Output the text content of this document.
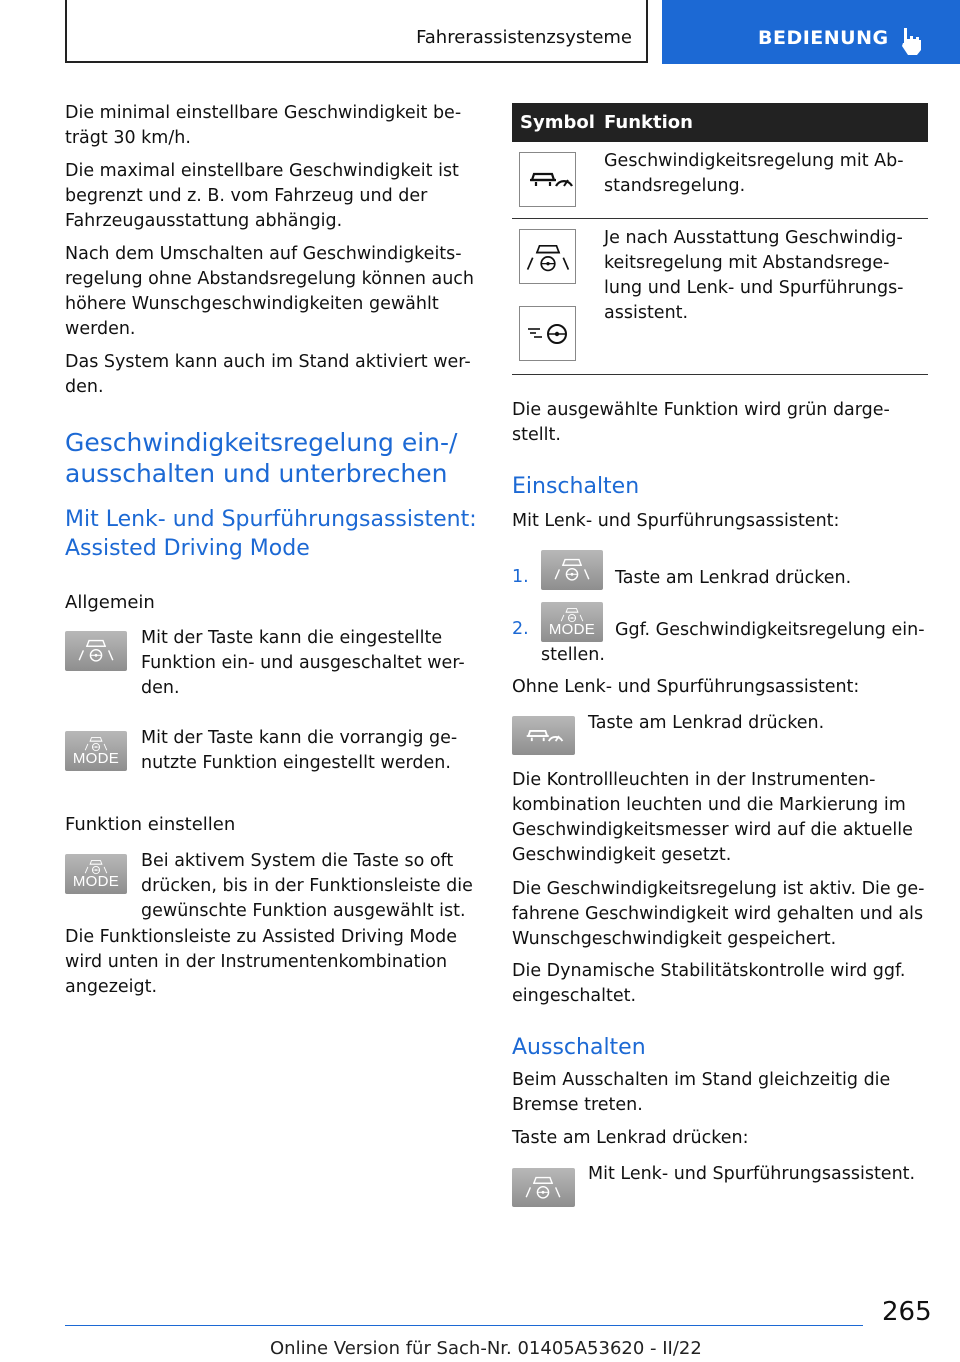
Fahrerassistenzsysteme	BEDIENUNG

Die minimal einstellbare Geschwindigkeit be-trägt 30 km/h.

Die maximal einstellbare Geschwindigkeit ist begrenzt und z. B. vom Fahrzeug und der Fahrzeugausstattung abhängig.

Nach dem Umschalten auf Geschwindigkeits-regelung ohne Abstandsregelung können auch höhere Wunschgeschwindigkeiten gewählt werden.

Das System kann auch im Stand aktiviert wer-den.

Geschwindigkeitsregelung ein-/ ausschalten und unterbrechen
Mit Lenk- und Spurführungsassistent: Assisted Driving Mode
Allgemein

Mit der Taste kann die eingestellte Funktion ein- und ausgeschaltet wer-den.

MODE

Mit der Taste kann die vorrangig ge-nutzte Funktion eingestellt werden.

Funktion einstellen
MODE

Bei aktivem System die Taste so oft drücken, bis in der Funktionsleiste die gewünschte Funktion ausgewählt ist.

Die Funktionsleiste zu Assisted Driving Mode wird unten in der Instrumentenkombination angezeigt.

Symbol Funktion

Geschwindigkeitsregelung mit Ab-standsregelung.

Je nach Ausstattung Geschwindig-keitsregelung mit Abstandsrege-lung und Lenk- und Spurführungs-assistent.

Die ausgewählte Funktion wird grün darge-stellt.

Einschalten

Mit Lenk- und Spurführungsassistent:

1.	Taste am Lenkrad drücken.

2.	MODE	Ggf. Geschwindigkeitsregelung ein-

stellen.

Ohne Lenk- und Spurführungsassistent:

Taste am Lenkrad drücken.

Die Kontrollleuchten in der Instrumenten-kombination leuchten und die Markierung im Geschwindigkeitsmesser wird auf die aktuelle Geschwindigkeit gesetzt.

Die Geschwindigkeitsregelung ist aktiv. Die ge-fahrene Geschwindigkeit wird gehalten und als Wunschgeschwindigkeit gespeichert.

Die Dynamische Stabilitätskontrolle wird ggf. eingeschaltet.

Ausschalten

Beim Ausschalten im Stand gleichzeitig die Bremse treten.

Taste am Lenkrad drücken:

Mit Lenk- und Spurführungsassistent.

265
Online Version für Sach-Nr. 01405A53620 - II/22
